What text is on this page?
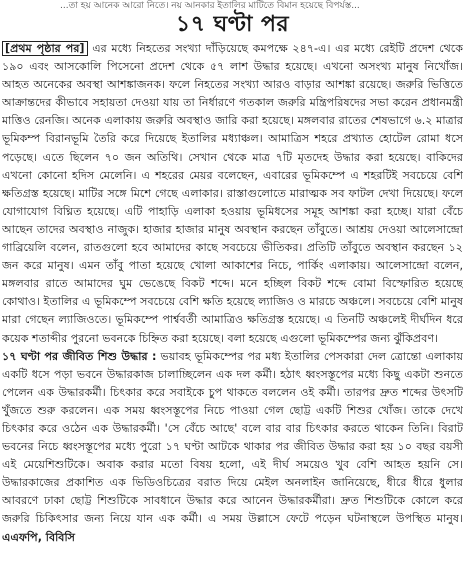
...তা হয় আনেক আরো নিতে। নয় আনকার ইতালির মাটিতে বিমান হয়েছে বিপর্যস্ত...
১৭ ঘণ্টা পর

[প্রথম পৃষ্ঠার পর] এর মধ্যে নিহতের সংখ্যা দাঁড়িয়েছে কমপক্ষে ২৪৭-এ। এর মধ্যে রেইটি প্রদেশ থেকে ১৯০ এবং আসকোলি পিসেনো প্রদেশ থেকে ৫৭ লাশ উদ্ধার হয়েছে। এখনো অসংখ্য মানুষ নিখোঁজ। আহত অনেকের অবস্থা আশঙ্কাজনক। ফলে নিহতের সংখ্যা আরও বাড়ার আশঙ্কা রয়েছে। জরুরি ভিত্তিতে আক্রান্তদের কীভাবে সহায়তা দেওয়া যায় তা নির্ধারণে গতকাল জরুরি মন্ত্রিপরিষদের সভা করেন প্রধানমন্ত্রী মাত্তিও রেনজি। অনেক এলাকায় জরুরি অবস্থাও জারি করা হয়েছে। মঙ্গলবার রাতের শেষভাগে ৬.২ মাত্রার ভূমিকম্প বিরানভূমি তৈরি করে দিয়েছে ইতালির মধ্যাঞ্চল। আমাত্রিস শহরে প্রখ্যাত হোটেল রোমা ধসে পড়েছে। এতে ছিলেন ৭০ জন অতিথি। সেখান থেকে মাত্র ৭টি মৃতদেহ উদ্ধার করা হয়েছে। বাকিদের এখনো কোনো হদিস মেলেনি। এ শহরের মেয়র বলেছেন, এবারের ভূমিকম্পে এ শহরটিই সবচেয়ে বেশি ক্ষতিগ্রস্ত হয়েছে। মাটির সঙ্গে মিশে গেছে এলাকার। রাস্তাগুলোতে মারাত্মক সব ফাটল দেখা দিয়েছে। ফলে যোগাযোগ বিঘ্নিত হয়েছে। এটি পাহাড়ি এলাকা হওয়ায় ভূমিধসের সমূহ আশঙ্কা করা হচ্ছে। যারা বেঁচে আছেন তাদের অবস্থাও নাজুক। হাজার হাজার মানুষ অবস্থান করছেন তাঁবুতে। আশ্রয় দেওয়া আলেসান্দ্রো গাব্রিয়েলি বলেন, রাতগুলো হবে আমাদের কাছে সবচেয়ে ভীতিকর। প্রতিটি তাঁবুতে অবস্থান করছেন ১২ জন করে মানুষ। এমন তাঁবু পাতা হয়েছে খোলা আকাশের নিচে, পার্কিং এলাকায়। আলেসান্দ্রো বলেন, মঙ্গলবার রাতে আমাদের ঘুম ভেঙেছে বিকট শব্দে। মনে হচ্ছিল বিকট শব্দে বোমা বিস্ফোরিত হয়েছে কোথাও। ইতালির এ ভূমিকম্পে সবচেয়ে বেশি ক্ষতি হয়েছে ল্যাজিও ও মারচে অঞ্চলে। সবচেয়ে বেশি মানুষ মারা গেছেন ল্যাজিওতে। ভূমিকম্পে পার্শ্ববর্তী আমাত্রিও ক্ষতিগ্রস্ত হয়েছে। এ তিনটি অঞ্চলেই দীর্ঘদিন ধরে কয়েক শতাব্দীর পুরনো ভবনকে চিহ্নিত করা হয়েছে। বলা হয়েছে এগুলো ভূমিকম্পের জন্য ঝুঁকিপ্রবণ।

১৭ ঘণ্টা পর জীবিত শিশু উদ্ধার : ভয়াবহ ভূমিকম্পের পর মধ্য ইতালির পেসকারা দেল ত্রোন্তো এলাকায় একটি ধসে পড়া ভবনে উদ্ধারকাজ চালাচ্ছিলেন এক দল কর্মী। হঠাৎ ধ্বংসস্তূপের মধ্যে কিছু একটা শুনতে পেলেন এক উদ্ধারকর্মী। চিৎকার করে সবাইকে চুপ থাকতে বললেন ওই কর্মী। তারপর দ্রুত শব্দের উৎসটি খুঁজতে শুরু করলেন। এক সময় ধ্বংসস্তূপের নিচে পাওয়া গেল ছোট্ট একটি শিশুর খোঁজ। তাকে দেখে চিৎকার করে ওঠেন এক উদ্ধারকর্মী। 'সে বেঁচে আছে' বলে বার বার চিৎকার করতে থাকেন তিনি। বিরাট ভবনের নিচে ধ্বংসস্তূপের মধ্যে পুরো ১৭ ঘণ্টা আটকে থাকার পর জীবিত উদ্ধার করা হয় ১০ বছর বয়সী এই মেয়েশিশুটিকে। অবাক করার মতো বিষয় হলো, এই দীর্ঘ সময়েও খুব বেশি আহত হয়নি সে। উদ্ধারকাজের প্রকাশিত এক ভিডিওচিত্রের বরাত দিয়ে মেইল অনলাইন জানিয়েছে, ধীরে ধীরে ধুলার আবরণে ঢাকা ছোট্ট শিশুটিকে সাবধানে উদ্ধার করে আনেন উদ্ধারকর্মীরা। দ্রুত শিশুটিকে কোলে করে জরুরি চিকিৎসার জন্য নিয়ে যান এক কর্মী। এ সময় উল্লাসে ফেটে পড়েন ঘটনাস্থলে উপস্থিত মানুষ। এএফপি, বিবিসি
